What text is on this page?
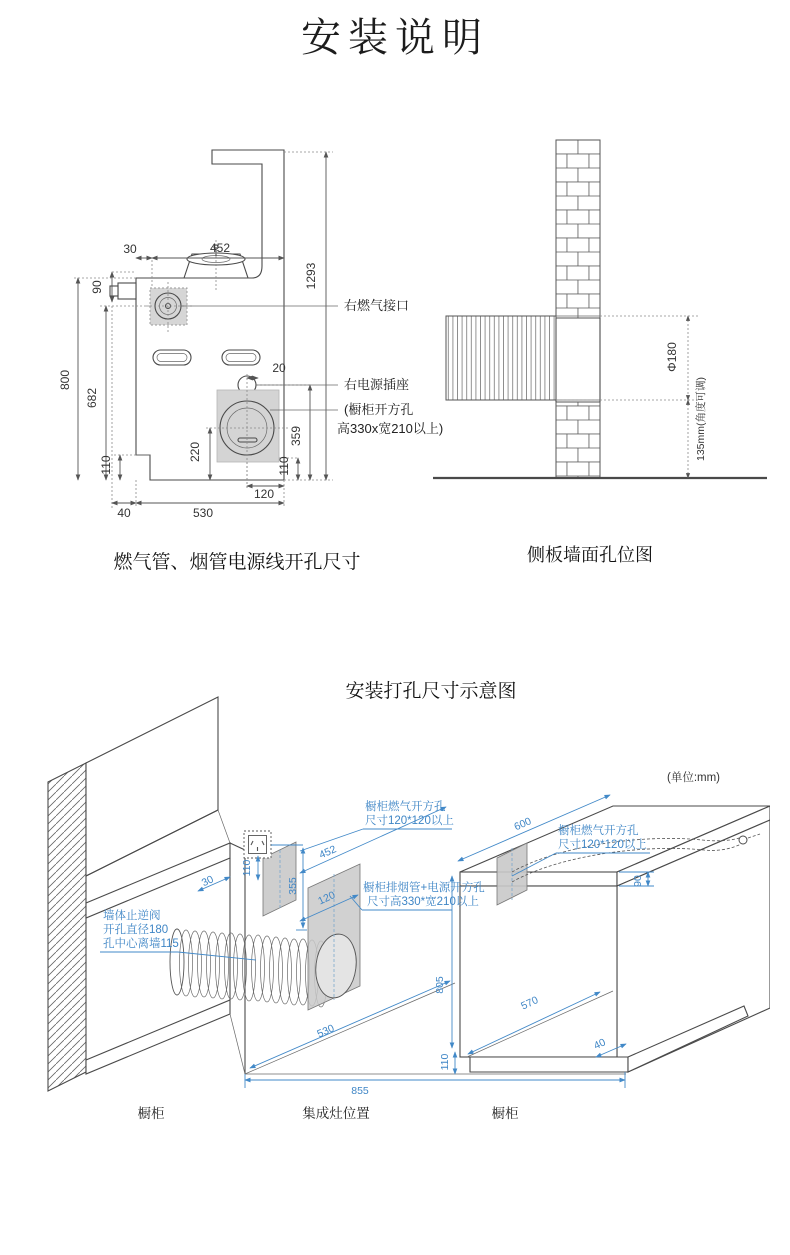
安装说明
452
30
90	1293
800
682
110
220
110
359
20
120
40	530
右燃气接口
右电源插座
(橱柜开方孔
高330x宽210以上)
燃气管、烟管电源线开孔尺寸
Φ180
135mm(角度可调)
侧板墙面孔位图
安装打孔尺寸示意图
(单位:mm)
30
110
355
452
120
530
855
805
110
600
90
570
40
墙体止逆阀
开孔直径180
孔中心离墙115
橱柜燃气开方孔
尺寸120*120以上
橱柜排烟管+电源开方孔
尺寸高330*宽210以上
橱柜燃气开方孔
尺寸120*120以上
橱柜	集成灶位置	橱柜
